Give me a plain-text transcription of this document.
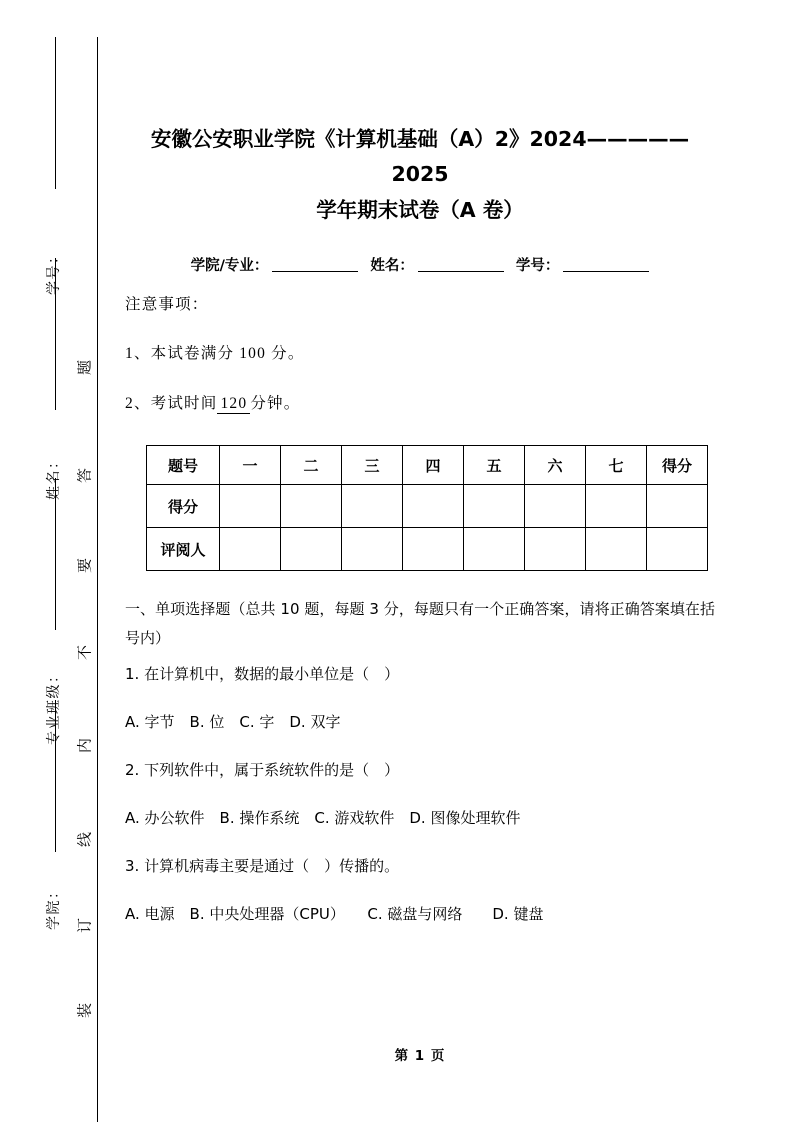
学号：
姓名：
专业班级：
学院：
题
答
要
不
内
线
订
装
安徽公安职业学院《计算机基础（A）2》2024—————2025
学年期末试卷（A 卷）
学院/专业：	姓名：	学号：
注意事项：
1、本试卷满分 100 分。
2、考试时间 120 分钟。
题号	一	二	三	四	五	六	七	得分
得分								
评阅人								
一、单项选择题（总共 10 题，每题 3 分，每题只有一个正确答案，请将正确答案填在括号内）
1. 在计算机中，数据的最小单位是（　）
A. 字节　B. 位　C. 字　D. 双字
2. 下列软件中，属于系统软件的是（　）
A. 办公软件　B. 操作系统　C. 游戏软件　D. 图像处理软件
3. 计算机病毒主要是通过（　）传播的。
A. 电源　B. 中央处理器（CPU）　　C. 磁盘与网络　　D. 键盘
第 1 页
